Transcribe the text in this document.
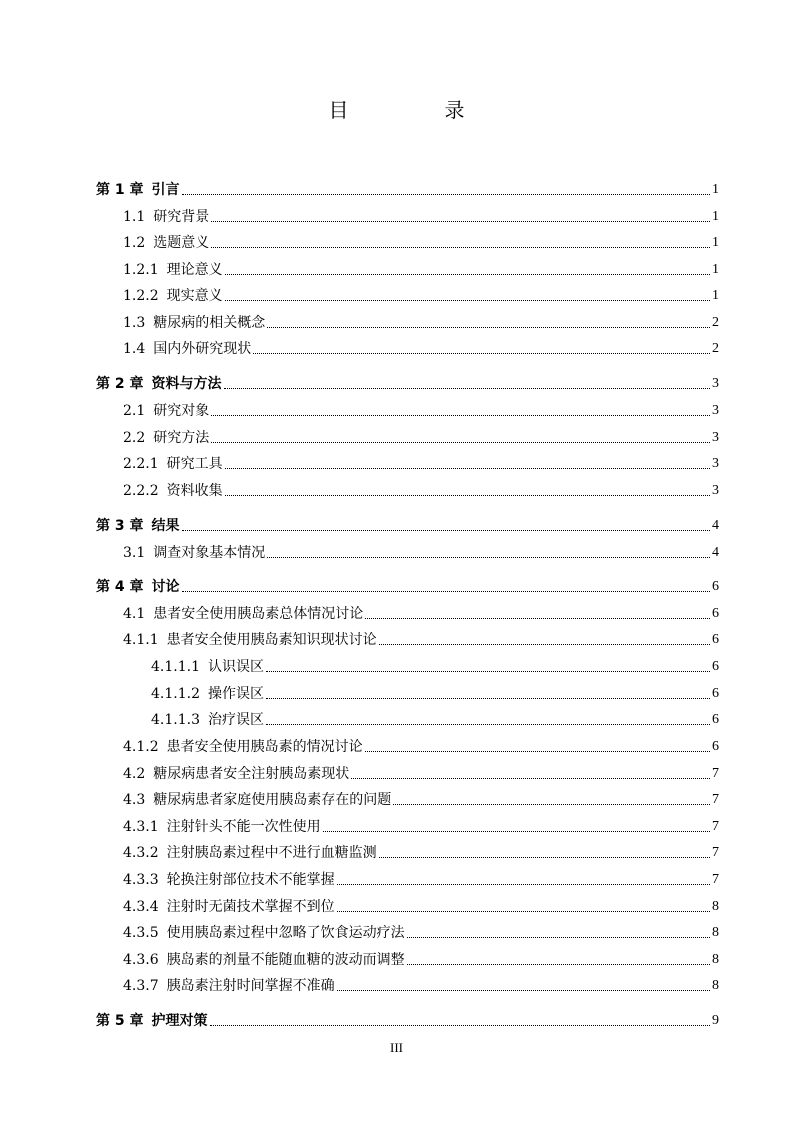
目　录
第 1 章 引言	1
1.1 研究背景	1
1.2 选题意义	1
1.2.1 理论意义	1
1.2.2 现实意义	1
1.3 糖尿病的相关概念	2
1.4 国内外研究现状	2
第 2 章 资料与方法	3
2.1 研究对象	3
2.2 研究方法	3
2.2.1 研究工具	3
2.2.2 资料收集	3
第 3 章 结果	4
3.1 调查对象基本情况	4
第 4 章 讨论	6
4.1 患者安全使用胰岛素总体情况讨论	6
4.1.1 患者安全使用胰岛素知识现状讨论	6
4.1.1.1 认识误区	6
4.1.1.2 操作误区	6
4.1.1.3 治疗误区	6
4.1.2 患者安全使用胰岛素的情况讨论	6
4.2 糖尿病患者安全注射胰岛素现状	7
4.3 糖尿病患者家庭使用胰岛素存在的问题	7
4.3.1 注射针头不能一次性使用	7
4.3.2 注射胰岛素过程中不进行血糖监测	7
4.3.3 轮换注射部位技术不能掌握	7
4.3.4 注射时无菌技术掌握不到位	8
4.3.5 使用胰岛素过程中忽略了饮食运动疗法	8
4.3.6 胰岛素的剂量不能随血糖的波动而调整	8
4.3.7 胰岛素注射时间掌握不准确	8
第 5 章 护理对策	9
III
